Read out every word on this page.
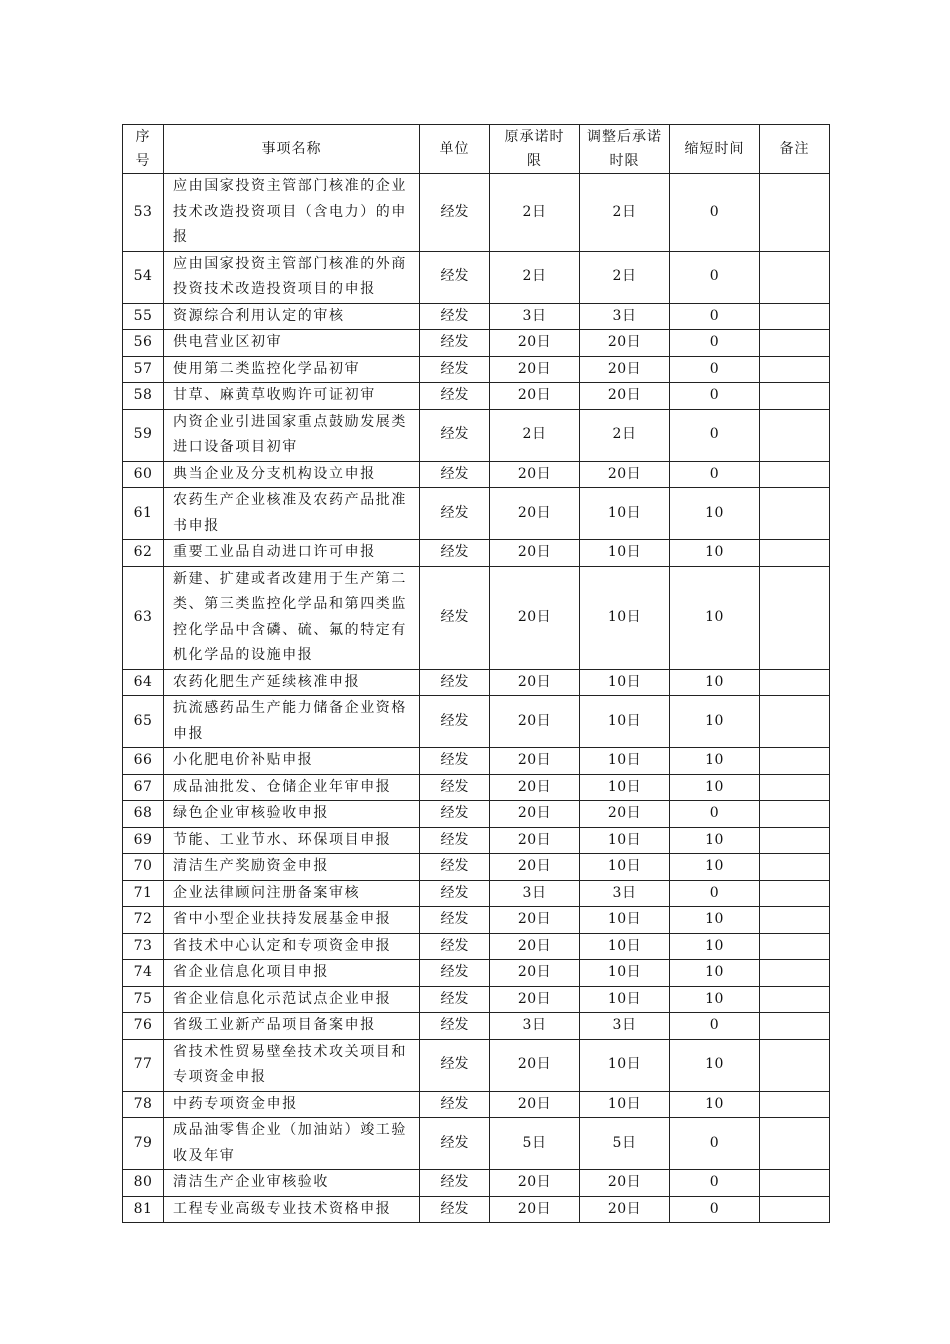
序号	事项名称	单位	原承诺时限	调整后承诺时限	缩短时间	备注
53	应由国家投资主管部门核准的企业技术改造投资项目（含电力）的申报	经发	2日	2日	0	
54	应由国家投资主管部门核准的外商投资技术改造投资项目的申报	经发	2日	2日	0	
55	资源综合利用认定的审核	经发	3日	3日	0	
56	供电营业区初审	经发	20日	20日	0	
57	使用第二类监控化学品初审	经发	20日	20日	0	
58	甘草、麻黄草收购许可证初审	经发	20日	20日	0	
59	内资企业引进国家重点鼓励发展类进口设备项目初审	经发	2日	2日	0	
60	典当企业及分支机构设立申报	经发	20日	20日	0	
61	农药生产企业核准及农药产品批准书申报	经发	20日	10日	10	
62	重要工业品自动进口许可申报	经发	20日	10日	10	
63	新建、扩建或者改建用于生产第二类、第三类监控化学品和第四类监控化学品中含磷、硫、氟的特定有机化学品的设施申报	经发	20日	10日	10	
64	农药化肥生产延续核准申报	经发	20日	10日	10	
65	抗流感药品生产能力储备企业资格申报	经发	20日	10日	10	
66	小化肥电价补贴申报	经发	20日	10日	10	
67	成品油批发、仓储企业年审申报	经发	20日	10日	10	
68	绿色企业审核验收申报	经发	20日	20日	0	
69	节能、工业节水、环保项目申报	经发	20日	10日	10	
70	清洁生产奖励资金申报	经发	20日	10日	10	
71	企业法律顾问注册备案审核	经发	3日	3日	0	
72	省中小型企业扶持发展基金申报	经发	20日	10日	10	
73	省技术中心认定和专项资金申报	经发	20日	10日	10	
74	省企业信息化项目申报	经发	20日	10日	10	
75	省企业信息化示范试点企业申报	经发	20日	10日	10	
76	省级工业新产品项目备案申报	经发	3日	3日	0	
77	省技术性贸易壁垒技术攻关项目和专项资金申报	经发	20日	10日	10	
78	中药专项资金申报	经发	20日	10日	10	
79	成品油零售企业（加油站）竣工验收及年审	经发	5日	5日	0	
80	清洁生产企业审核验收	经发	20日	20日	0	
81	工程专业高级专业技术资格申报	经发	20日	20日	0	
